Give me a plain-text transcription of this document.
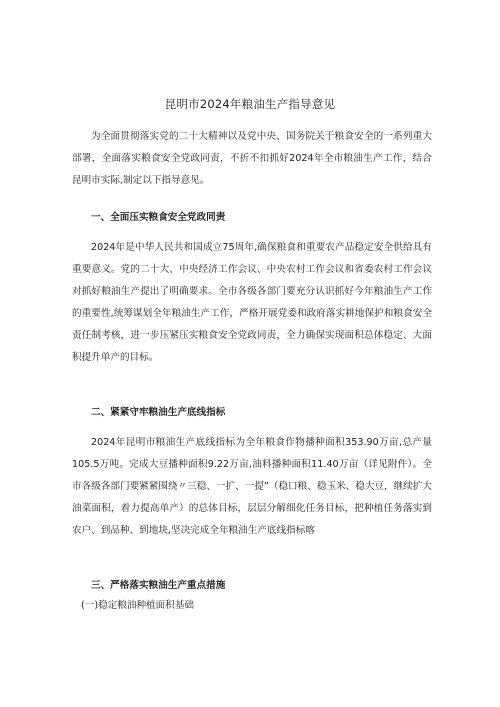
昆明市2024年粮油生产指导意见

为全面贯彻落实党的二十大精神以及党中央、国务院关于粮食安全的一系列重大部署，全面落实粮食安全党政同责，不折不扣抓好2024年全市粮油生产工作，结合昆明市实际,制定以下指导意见。

一、全面压实粮食安全党政同责

2024年是中华人民共和国成立75周年,确保粮食和重要农产品稳定安全供给具有重要意义。党的二十大、中央经济工作会议、中央农村工作会议和省委农村工作会议对抓好粮油生产提出了明确要求。全市各级各部门要充分认识抓好今年粮油生产工作的重要性,统筹谋划全年粮油生产工作，严格开展党委和政府落实耕地保护和粮食安全责任制考核，进一步压紧压实粮食安全党政同责，全力确保实现面积总体稳定、大面积提升单产的目标。

二、紧紧守牢粮油生产底线指标

2024年昆明市粮油生产底线指标为全年粮食作物播种面积353.90万亩,总产量105.5万吨。完成大豆播种面积9.22万亩,油料播种面积11.40万亩（详见附件）。全市各级各部门要紧紧围绕〃三稳、一扩、一提”（稳口粮、稳玉米、稳大豆，继续扩大油菜面积，着力提高单产）的总体目标，层层分解细化任务目标，把种植任务落实到农户、到品种、到地块,坚决完成全年粮油生产底线指标喀

三、严格落实粮油生产重点措施

(一)稳定粮油种植面积基础
